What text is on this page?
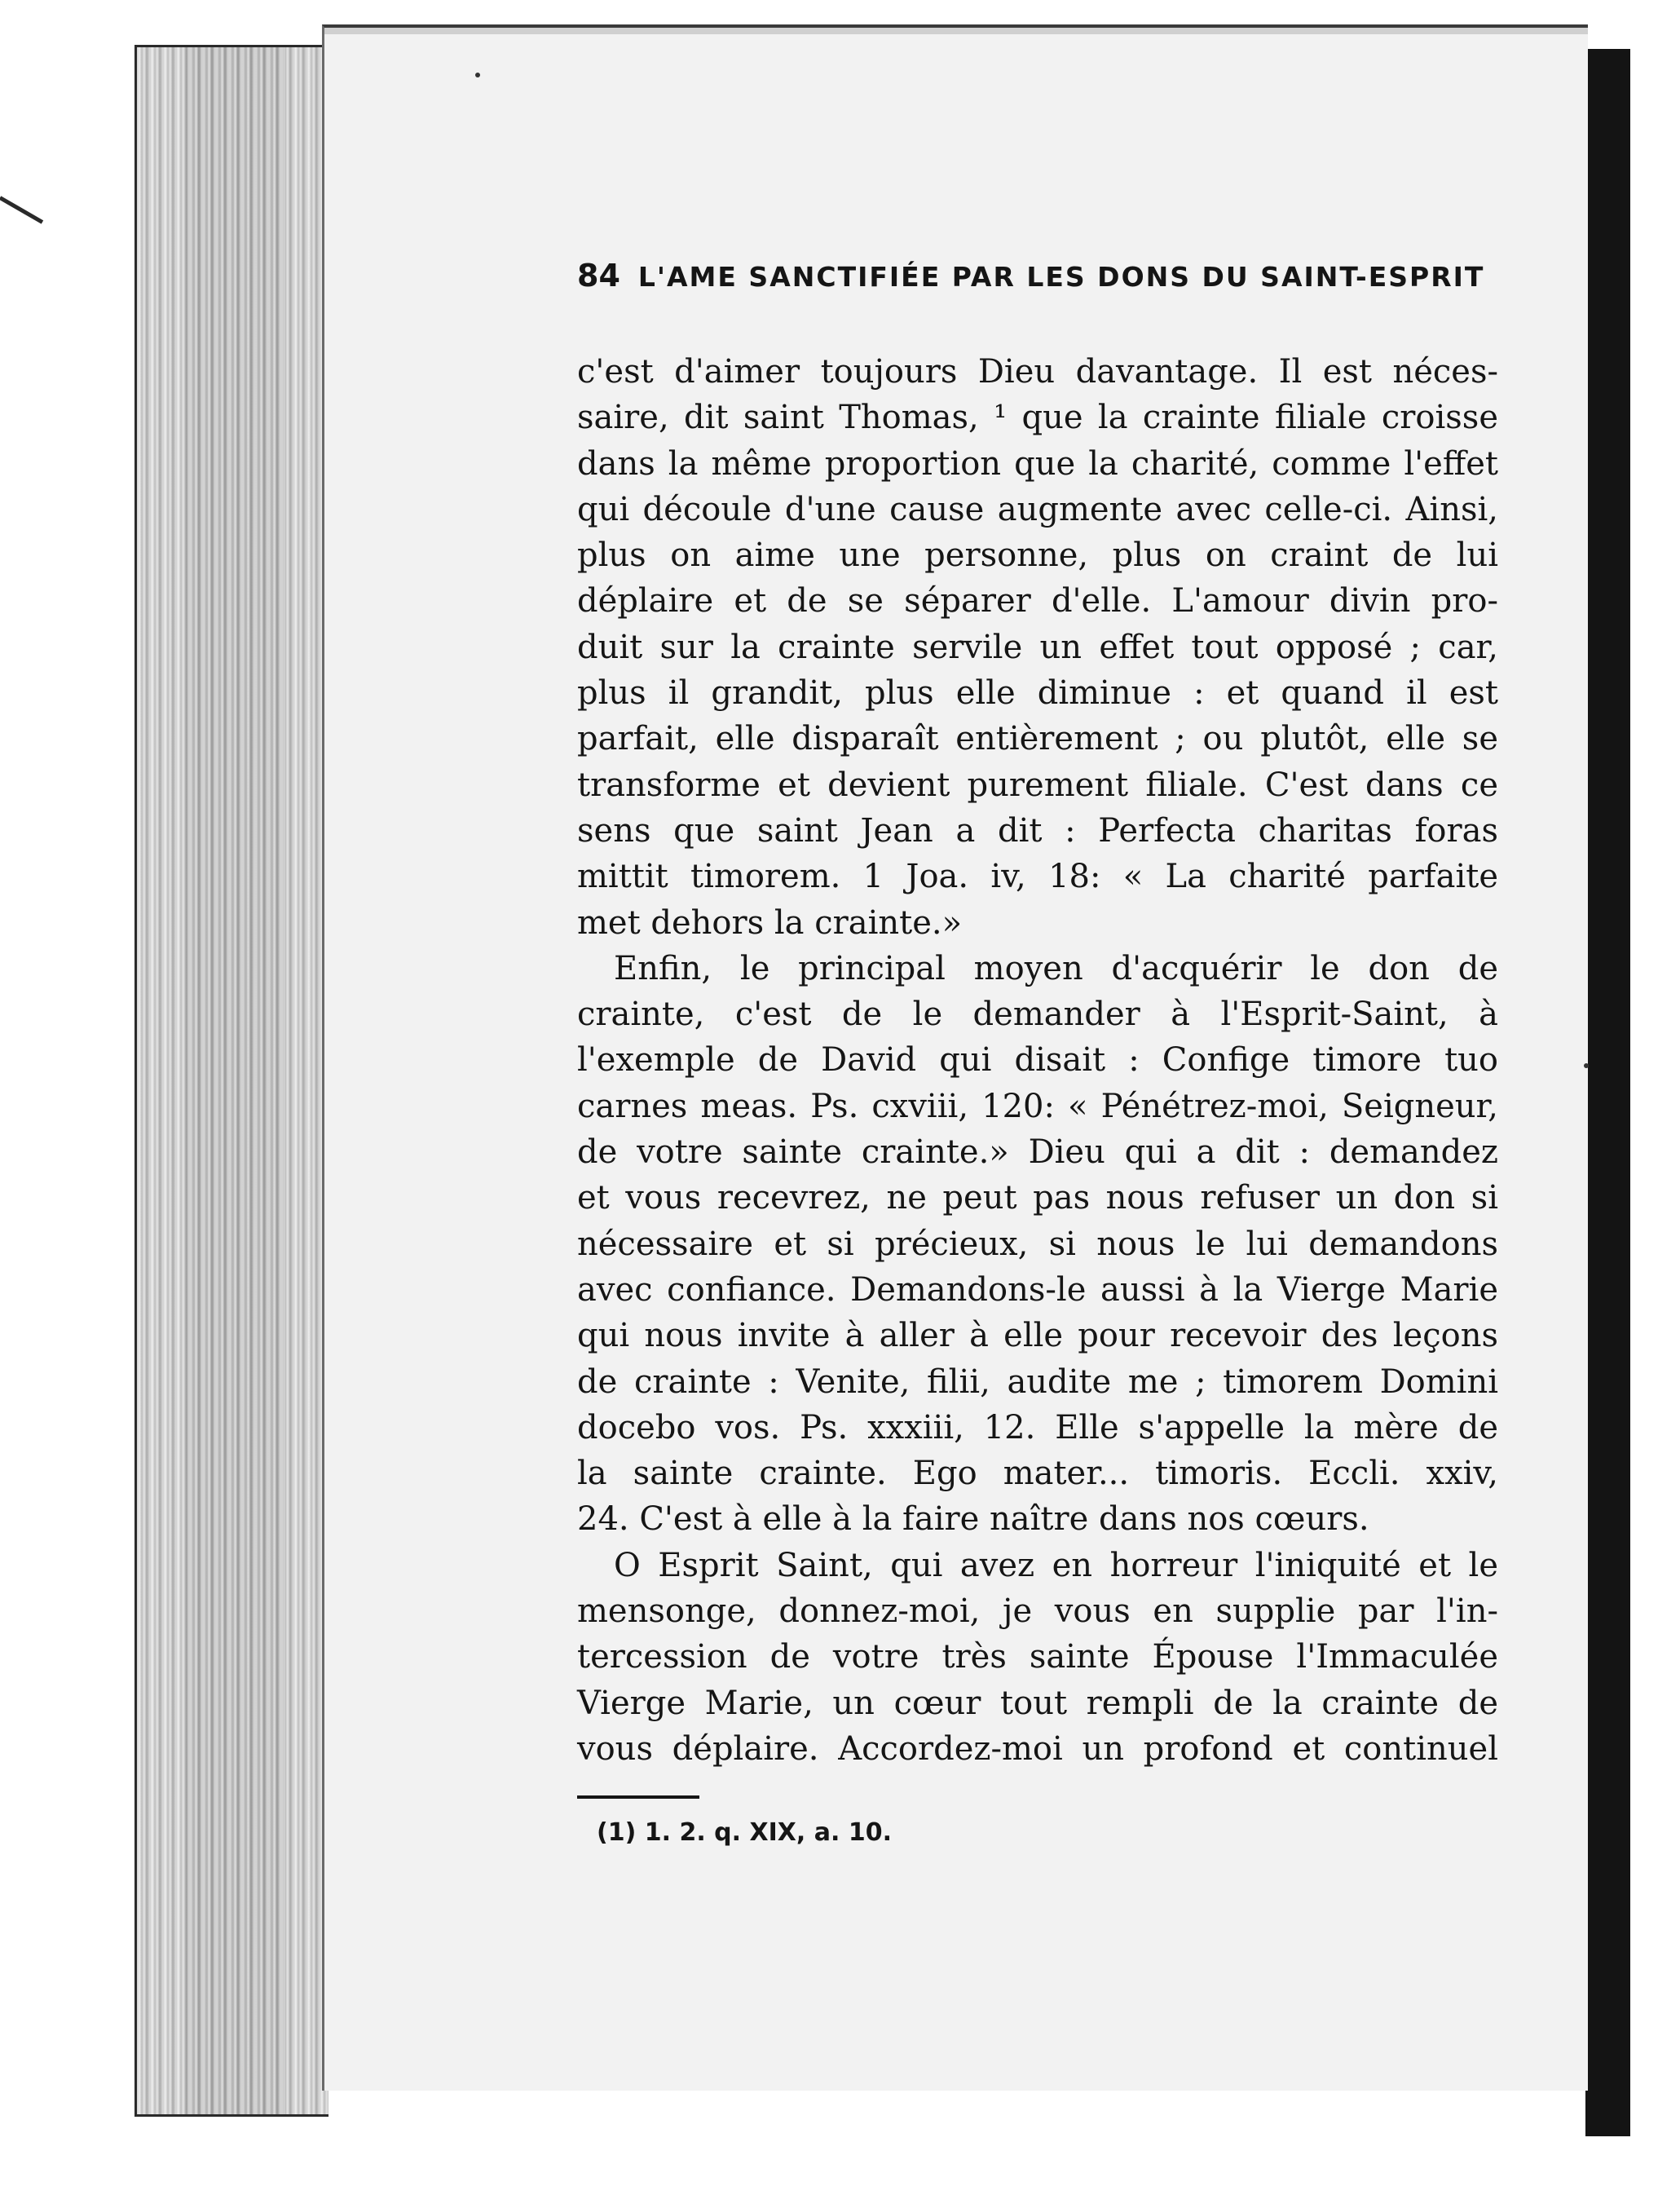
84 L'AME SANCTIFIÉE PAR LES DONS DU SAINT-ESPRIT
c'est d'aimer toujours Dieu davantage. Il est néces-
saire, dit saint Thomas, ¹ que la crainte filiale croisse
dans la même proportion que la charité, comme l'effet
qui découle d'une cause augmente avec celle-ci. Ainsi,
plus on aime une personne, plus on craint de lui
déplaire et de se séparer d'elle. L'amour divin pro-
duit sur la crainte servile un effet tout opposé ; car,
plus il grandit, plus elle diminue : et quand il est
parfait, elle disparaît entièrement ; ou plutôt, elle se
transforme et devient purement filiale. C'est dans ce
sens que saint Jean a dit : Perfecta charitas foras
mittit timorem. 1 Joa. iv, 18: « La charité parfaite
met dehors la crainte.»
Enfin, le principal moyen d'acquérir le don de
crainte, c'est de le demander à l'Esprit-Saint, à
l'exemple de David qui disait : Confige timore tuo
carnes meas. Ps. cxviii, 120: « Pénétrez-moi, Seigneur,
de votre sainte crainte.» Dieu qui a dit : demandez
et vous recevrez, ne peut pas nous refuser un don si
nécessaire et si précieux, si nous le lui demandons
avec confiance. Demandons-le aussi à la Vierge Marie
qui nous invite à aller à elle pour recevoir des leçons
de crainte : Venite, filii, audite me ; timorem Domini
docebo vos. Ps. xxxiii, 12. Elle s'appelle la mère de
la sainte crainte. Ego mater... timoris. Eccli. xxiv,
24. C'est à elle à la faire naître dans nos cœurs.
O Esprit Saint, qui avez en horreur l'iniquité et le
mensonge, donnez-moi, je vous en supplie par l'in-
tercession de votre très sainte Épouse l'Immaculée
Vierge Marie, un cœur tout rempli de la crainte de
vous déplaire. Accordez-moi un profond et continuel
(1) 1. 2. q. XIX, a. 10.
